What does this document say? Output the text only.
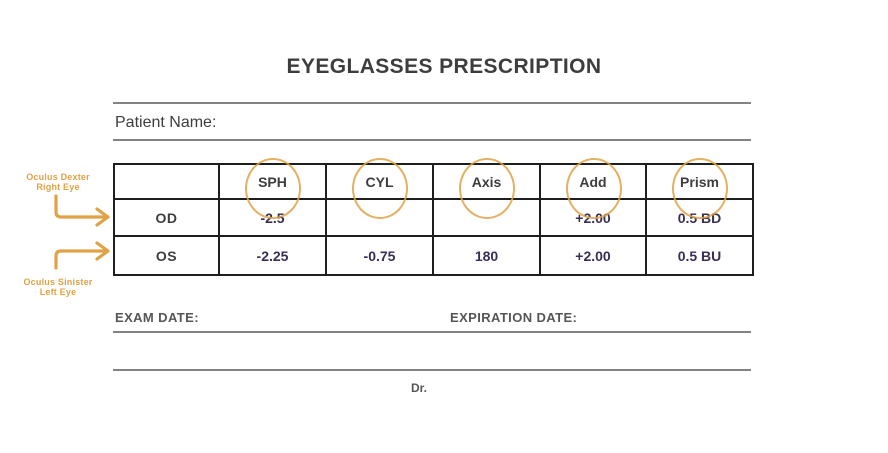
EYEGLASSES PRESCRIPTION
Patient Name:
	SPH	CYL	Axis	Add	Prism
OD	-2.5			+2.00	0.5 BD
OS	-2.25	-0.75	180	+2.00	0.5 BU
Oculus Dexter
Right Eye
Oculus Sinister
Left Eye
EXAM DATE:	EXPIRATION DATE:
Dr.
